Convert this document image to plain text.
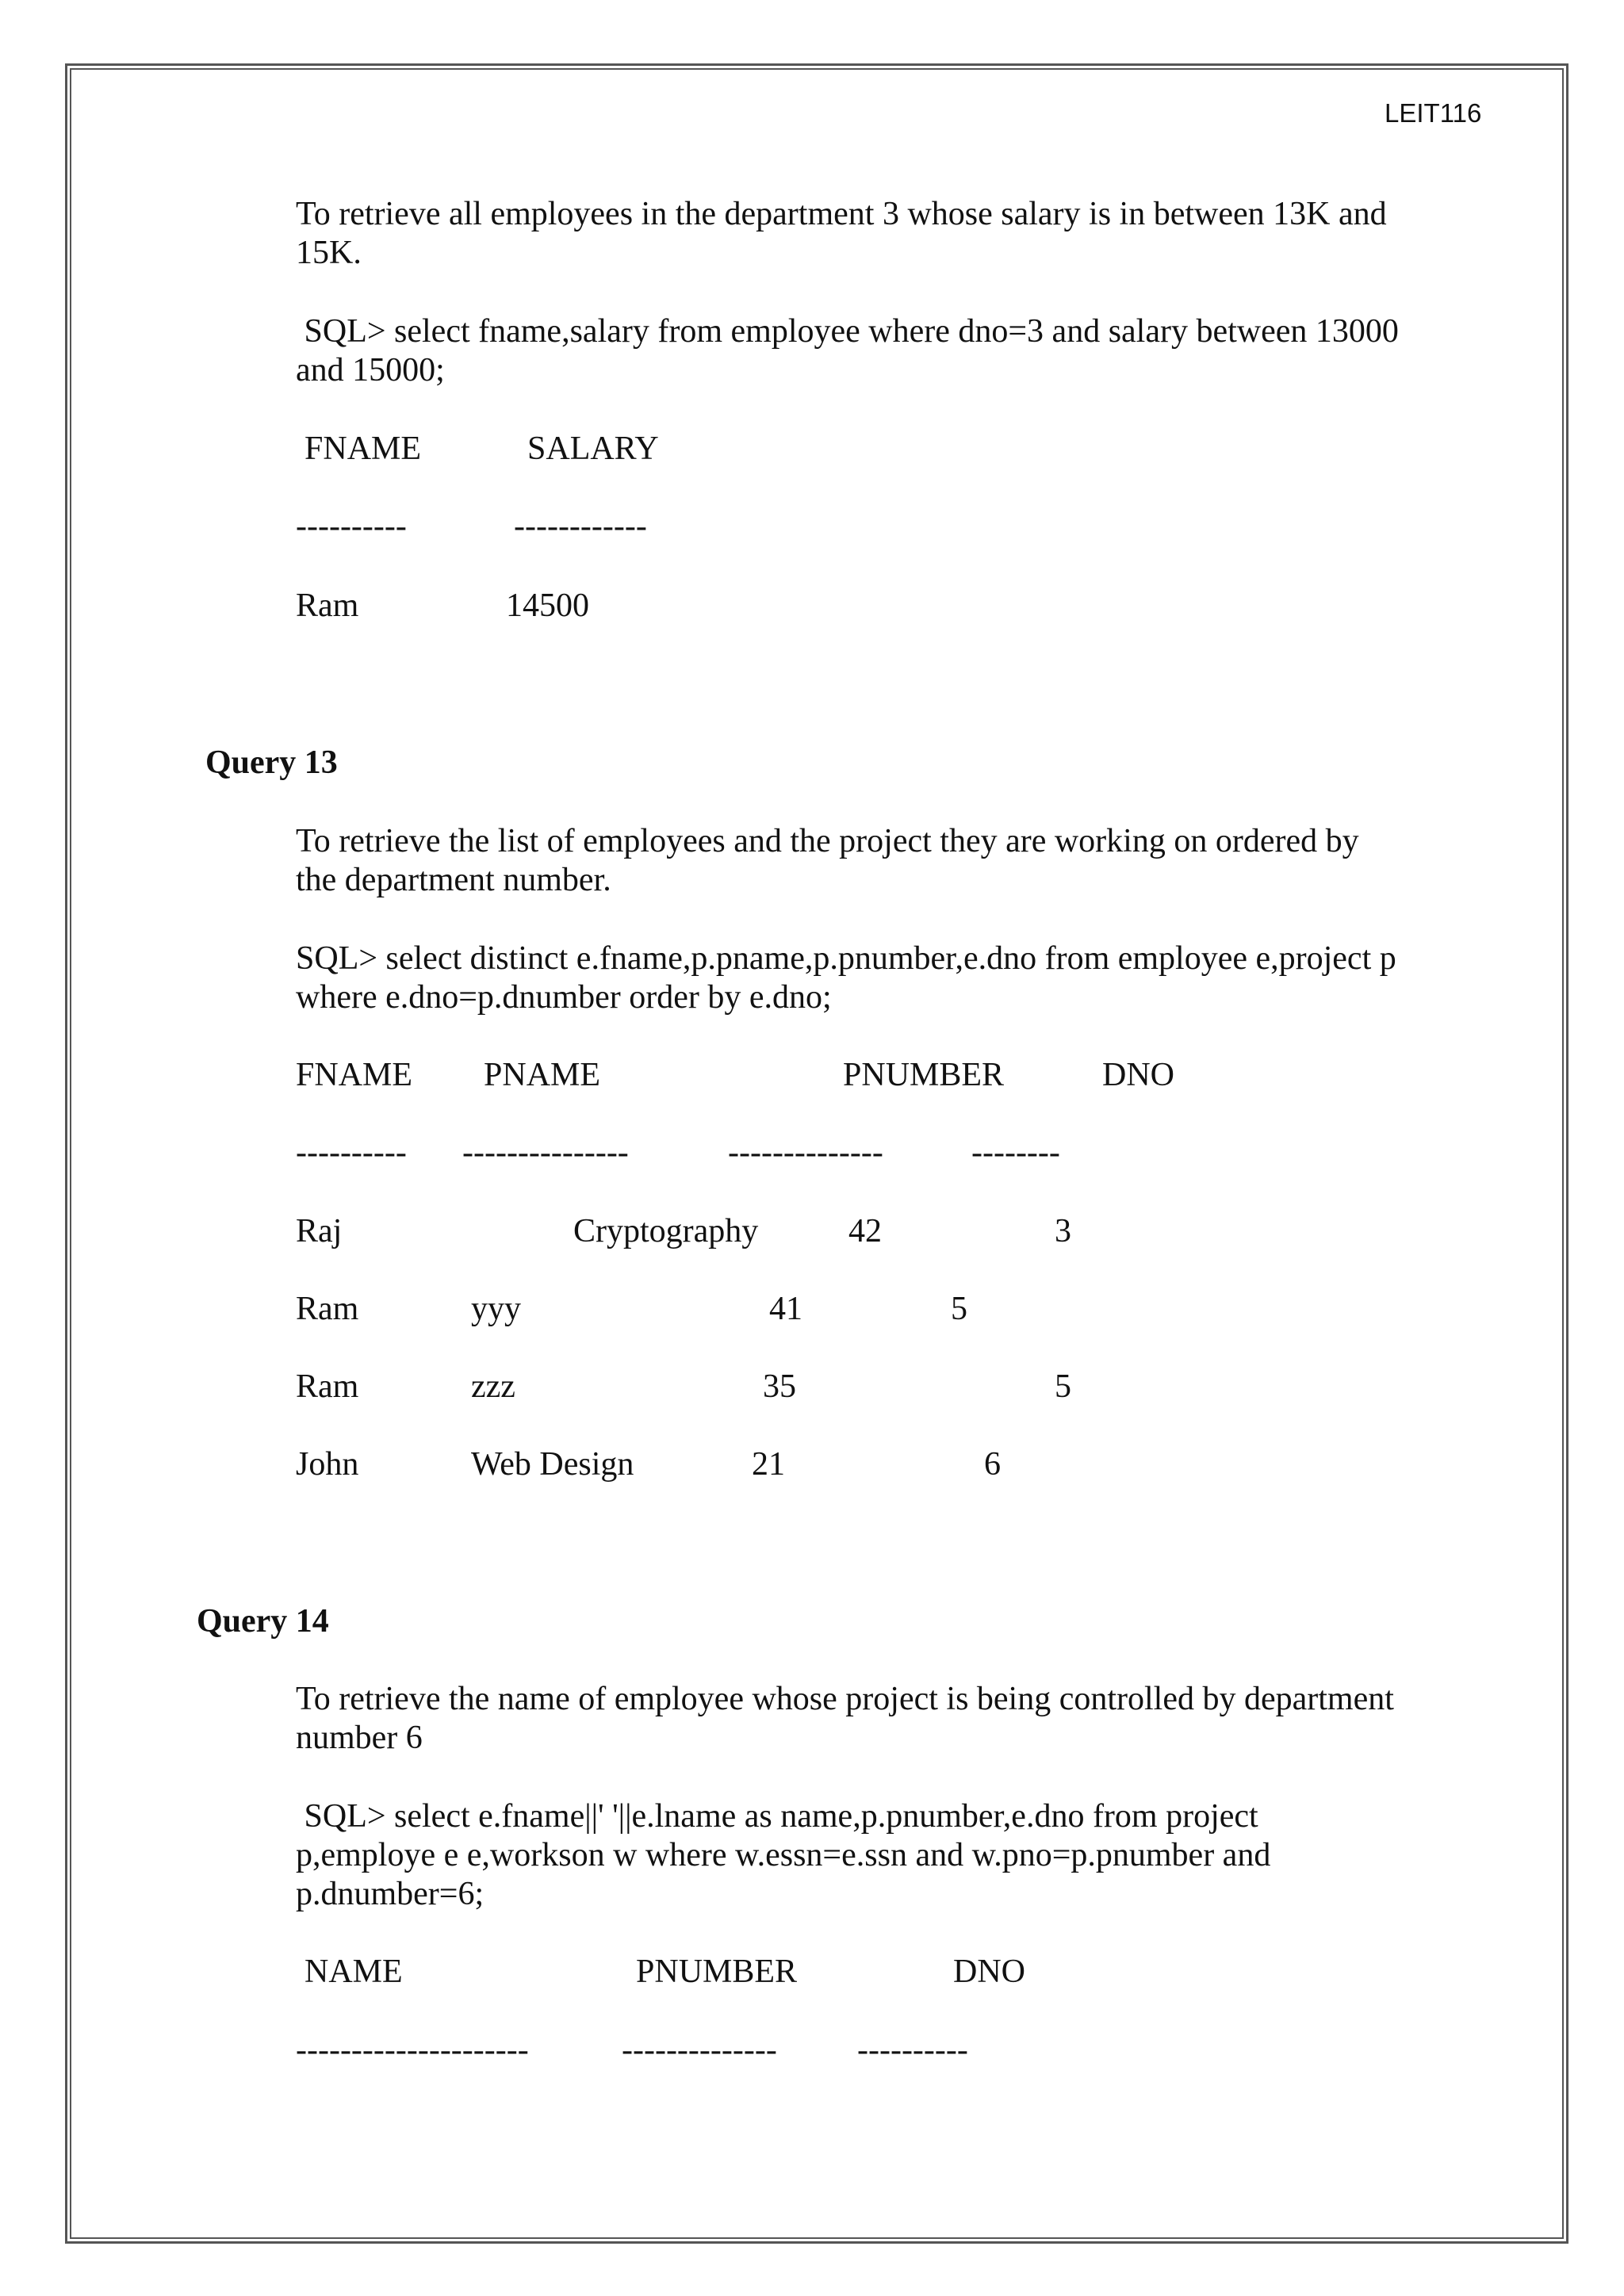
LEIT116

To retrieve all employees in the department 3 whose salary is in between 13K and

15K.

SQL> select fname,salary from employee where dno=3 and salary between 13000

and 15000;

FNAME	SALARY

----------	------------

Ram	14500

Query 13

To retrieve the list of employees and the project they are working on ordered by

the department number.

SQL> select distinct e.fname,p.pname,p.pnumber,e.dno from employee e,project p

where e.dno=p.dnumber order by e.dno;

FNAME PNAME	PNUMBER	DNO

---------- ---------------	--------------	--------

Raj	Cryptography	42	3

Ram	yyy	41	5

Ram	zzz	35	5

John	Web Design	21	6

Query 14

To retrieve the name of employee whose project is being controlled by department

number 6

SQL> select e.fname||' '||e.lname as name,p.pnumber,e.dno from project

p,employe e e,workson w where w.essn=e.ssn and w.pno=p.pnumber and

p.dnumber=6;

NAME	PNUMBER	DNO

---------------------	-------------- ----------
